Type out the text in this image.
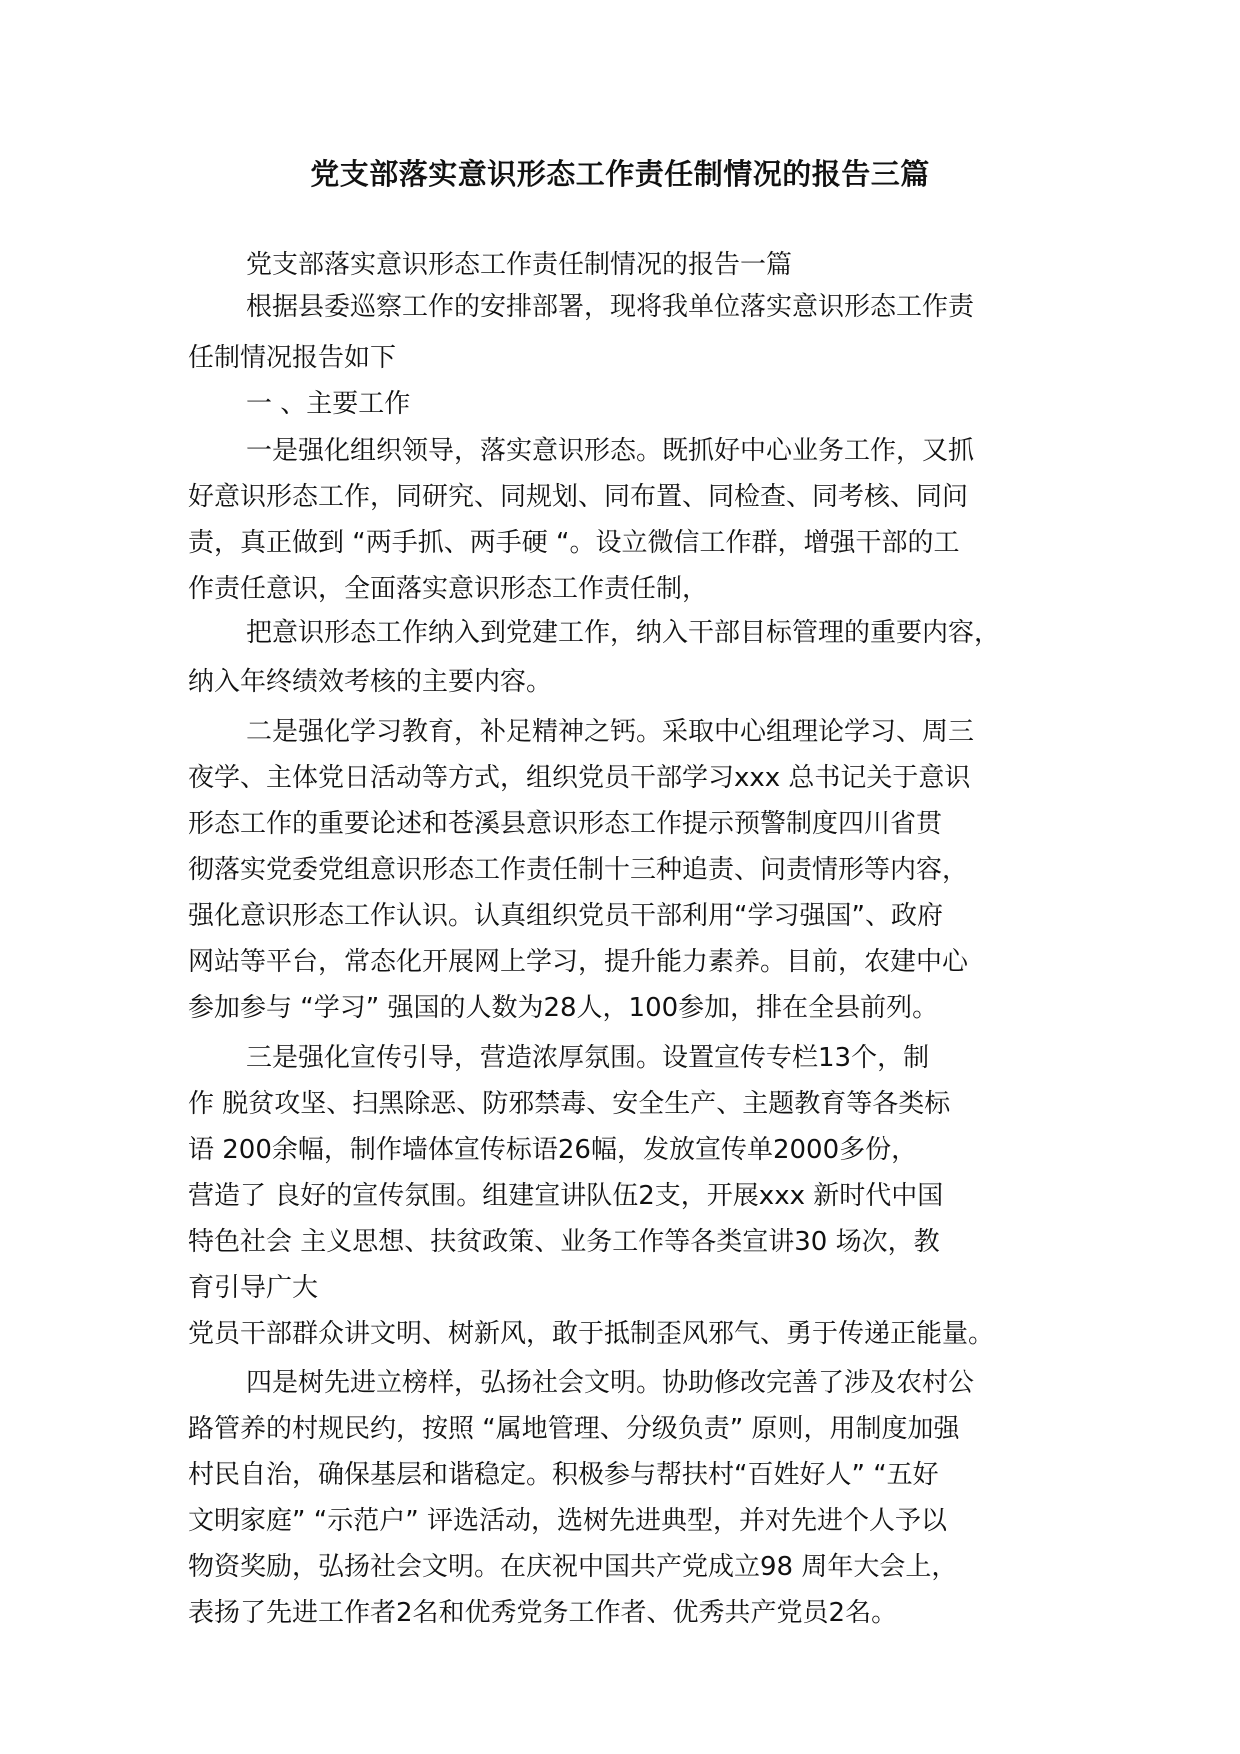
党支部落实意识形态工作责任制情况的报告三篇

党支部落实意识形态工作责任制情况的报告一篇

根据县委巡察工作的安排部署，现将我单位落实意识形态工作责

任制情况报告如下

一 、主要工作

一是强化组织领导，落实意识形态。既抓好中心业务工作，又抓

好意识形态工作，同研究、同规划、同布置、同检查、同考核、同问

责，真正做到 “两手抓、两手硬 “。设立微信工作群，增强干部的工

作责任意识，全面落实意识形态工作责任制，

把意识形态工作纳入到党建工作，纳入干部目标管理的重要内容，

纳入年终绩效考核的主要内容。

二是强化学习教育，补足精神之钙。采取中心组理论学习、周三

夜学、主体党日活动等方式，组织党员干部学习xxx 总书记关于意识

形态工作的重要论述和苍溪县意识形态工作提示预警制度四川省贯

彻落实党委党组意识形态工作责任制十三种追责、问责情形等内容，

强化意识形态工作认识。认真组织党员干部利用“学习强国”、政府

网站等平台，常态化开展网上学习，提升能力素养。目前，农建中心

参加参与 “学习” 强国的人数为28人，100参加，排在全县前列。

三是强化宣传引导，营造浓厚氛围。设置宣传专栏13个，制

作 脱贫攻坚、扫黑除恶、防邪禁毒、安全生产、主题教育等各类标

语 200余幅，制作墙体宣传标语26幅，发放宣传单2000多份，

营造了 良好的宣传氛围。组建宣讲队伍2支，开展xxx 新时代中国

特色社会 主义思想、扶贫政策、业务工作等各类宣讲30 场次，教

育引导广大

党员干部群众讲文明、树新风，敢于抵制歪风邪气、勇于传递正能量。

四是树先进立榜样，弘扬社会文明。协助修改完善了涉及农村公

路管养的村规民约，按照 “属地管理、分级负责” 原则，用制度加强

村民自治，确保基层和谐稳定。积极参与帮扶村“百姓好人” “五好

文明家庭” “示范户” 评选活动，选树先进典型，并对先进个人予以

物资奖励，弘扬社会文明。在庆祝中国共产党成立98 周年大会上，

表扬了先进工作者2名和优秀党务工作者、优秀共产党员2名。
